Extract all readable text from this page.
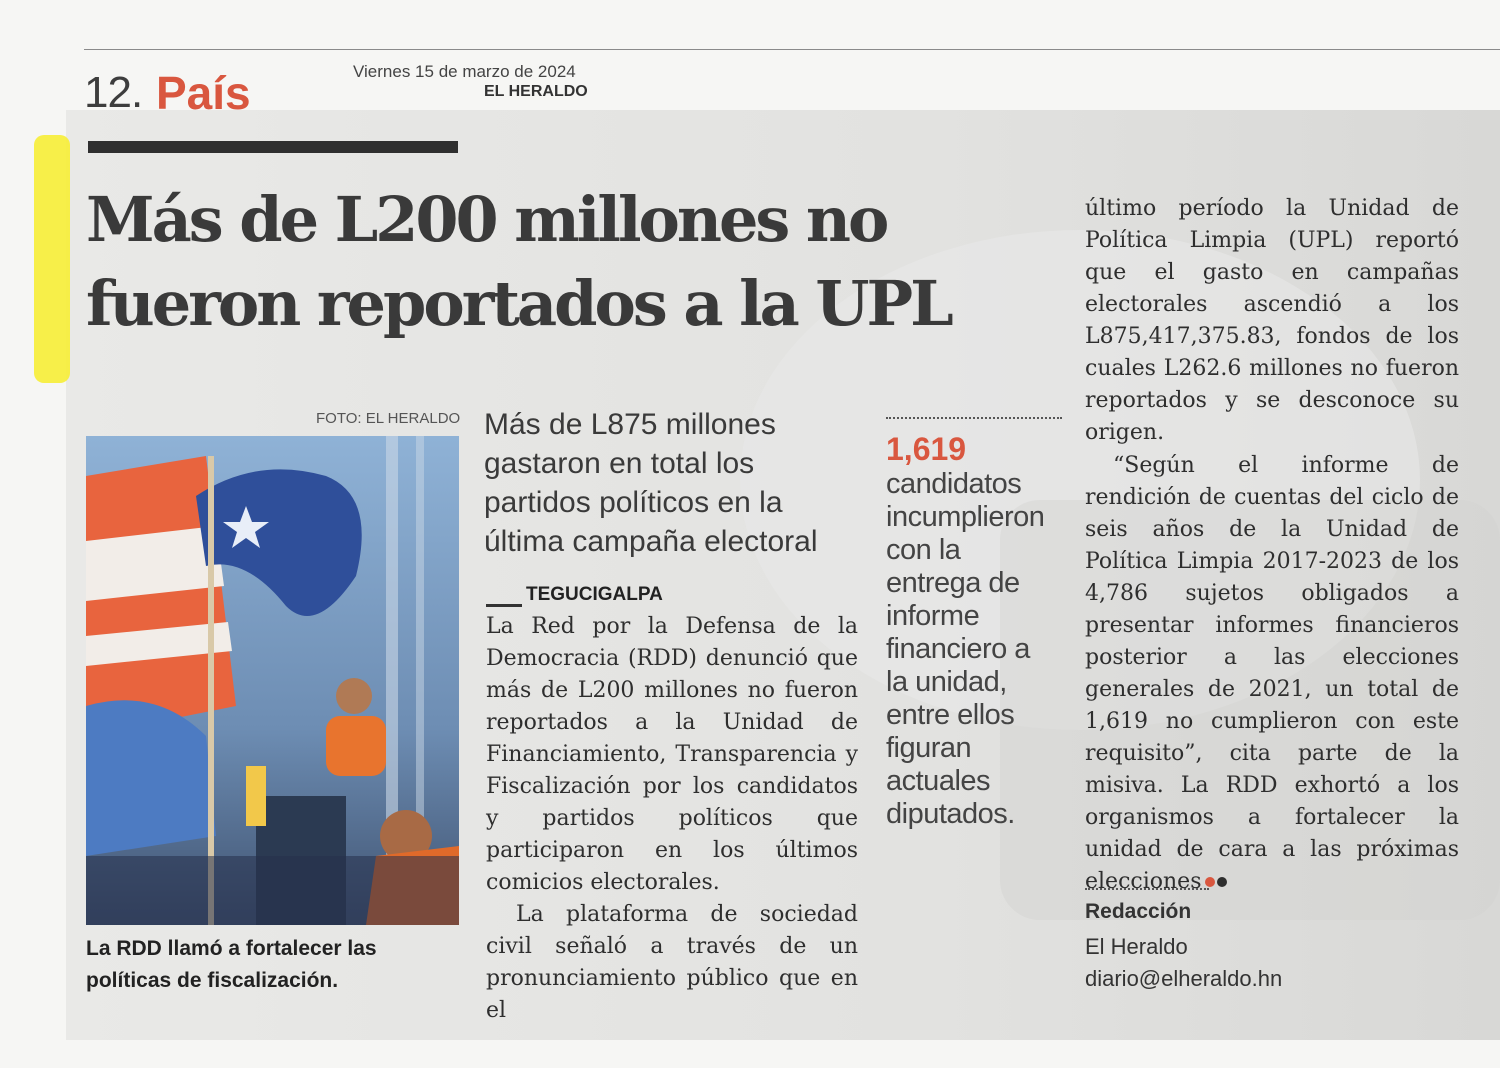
12. País	Viernes 15 de marzo de 2024
EL HERALDO
Más de L200 millones no fueron reportados a la UPL
FOTO: EL HERALDO

La RDD llamó a fortalecer las políticas de fiscalización.

Más de L875 millones gastaron en total los partidos políticos en la última campaña electoral

TEGUCIGALPA

La Red por la Defensa de la Democracia (RDD) denunció que más de L200 millones no fueron reportados a la Unidad de Financiamiento, Transparencia y Fiscalización por los candidatos y partidos políticos que participaron en los últimos comicios electorales.

La plataforma de sociedad civil señaló a través de un pronunciamiento público que en el

1,619

candidatos incumplieron con la entrega de informe financiero a la unidad, entre ellos figuran actuales diputados.

último período la Unidad de Política Limpia (UPL) reportó que el gasto en campañas electorales ascendió a los L875,417,375.83, fondos de los cuales L262.6 millones no fueron reportados y se desconoce su origen.

“Según el informe de rendición de cuentas del ciclo de seis años de la Unidad de Política Limpia 2017-2023 de los 4,786 sujetos obligados a presentar informes financieros posterior a las elecciones generales de 2021, un total de 1,619 no cumplieron con este requisito”, cita parte de la misiva. La RDD exhortó a los organismos a fortalecer la unidad de cara a las próximas elecciones

Redacción
El Heraldo
diario@elheraldo.hn
